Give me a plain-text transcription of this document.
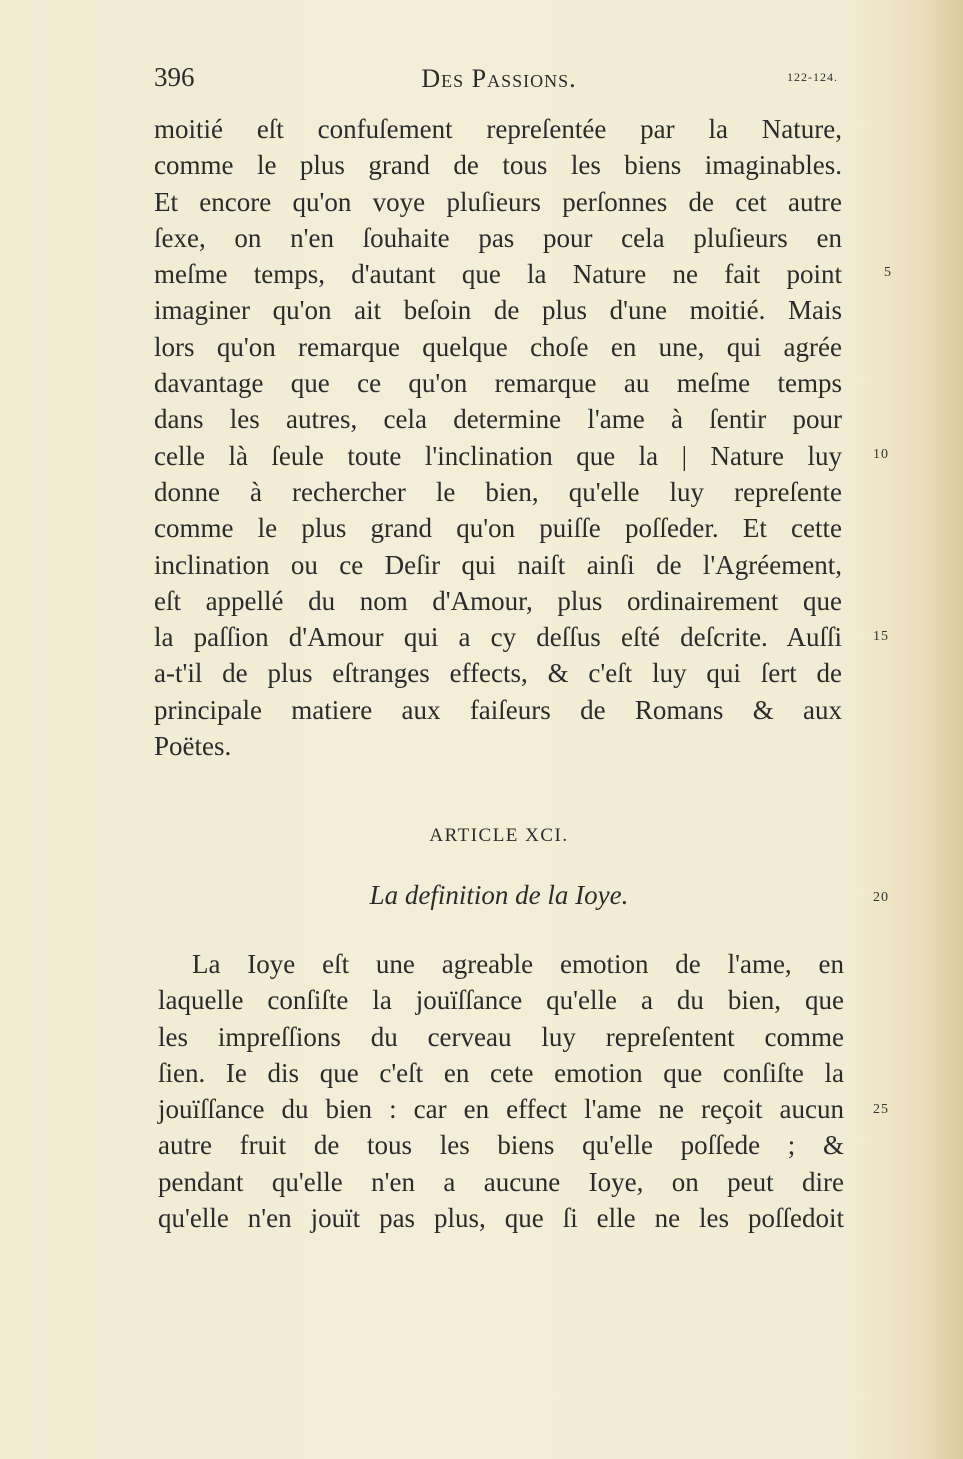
396	Des Passions.	122-124.
moitié eſt confuſement repreſentée par la Nature,
comme le plus grand de tous les biens imaginables.
Et encore qu'on voye pluſieurs perſonnes de cet autre
ſexe, on n'en ſouhaite pas pour cela pluſieurs en
meſme temps, d'autant que la Nature ne fait point
imaginer qu'on ait beſoin de plus d'une moitié. Mais
lors qu'on remarque quelque choſe en une, qui agrée
davantage que ce qu'on remarque au meſme temps
dans les autres, cela determine l'ame à ſentir pour
celle là ſeule toute l'inclination que la | Nature luy
donne à rechercher le bien, qu'elle luy repreſente
comme le plus grand qu'on puiſſe poſſeder. Et cette
inclination ou ce Deſir qui naiſt ainſi de l'Agréement,
eſt appellé du nom d'Amour, plus ordinairement que
la paſſion d'Amour qui a cy deſſus eſté deſcrite. Auſſi
a-t'il de plus eſtranges effects, & c'eſt luy qui ſert de
principale matiere aux faiſeurs de Romans & aux
Poëtes.
5
10
15
20
25
ARTICLE XCI.
La definition de la Ioye.
La Ioye eſt une agreable emotion de l'ame, en
laquelle conſiſte la jouïſſance qu'elle a du bien, que
les impreſſions du cerveau luy repreſentent comme
ſien. Ie dis que c'eſt en cete emotion que conſiſte la
jouïſſance du bien : car en effect l'ame ne reçoit aucun
autre fruit de tous les biens qu'elle poſſede ; &
pendant qu'elle n'en a aucune Ioye, on peut dire
qu'elle n'en jouït pas plus, que ſi elle ne les poſſedoit
